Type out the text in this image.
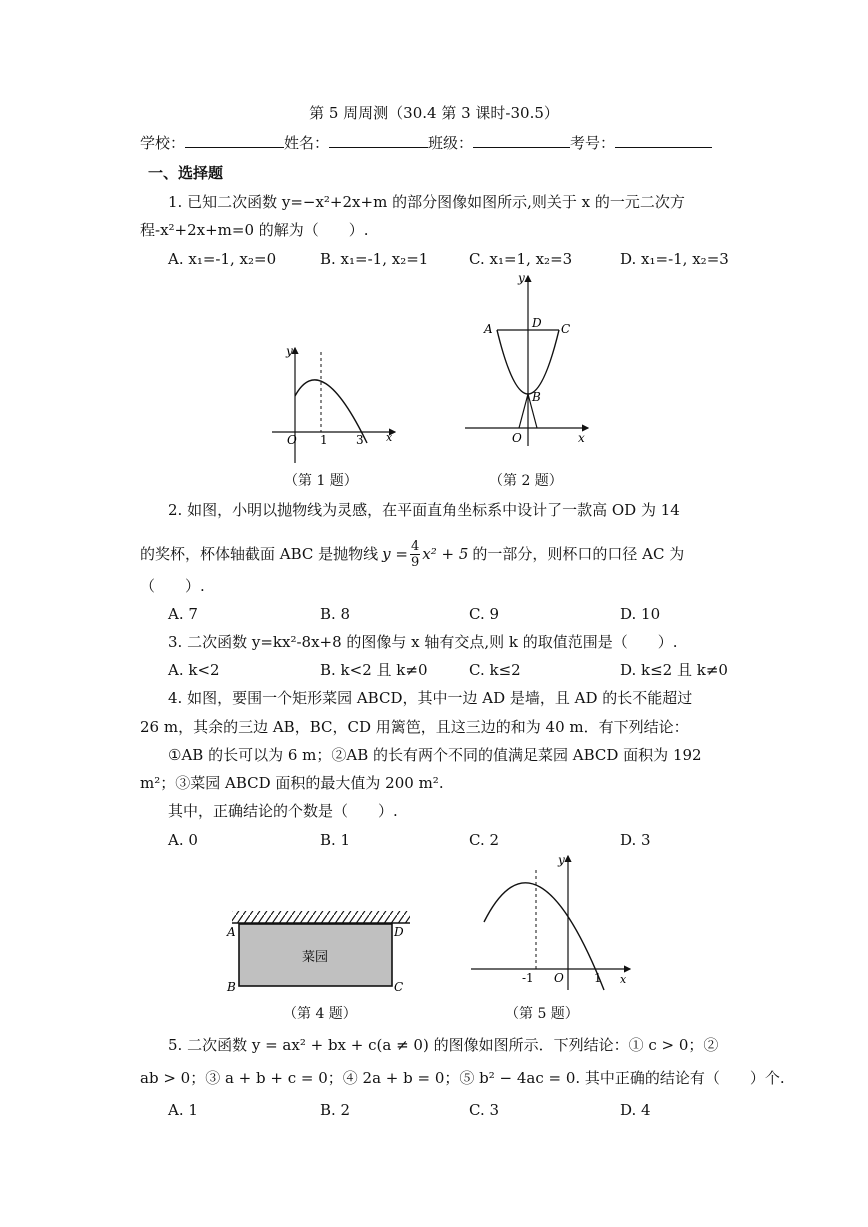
第 5 周周测（30.4 第 3 课时-30.5）
学校：	姓名：	班级：	考号：
一、选择题
1. 已知二次函数 y=−x²+2x+m 的部分图像如图所示,则关于 x 的一元二次方
程-x²+2x+m=0 的解为（　　）.
A. x₁=-1, x₂=0	B. x₁=-1, x₂=1	C. x₁=1, x₂=3	D. x₁=-1, x₂=3
y
O 1 3 x
（第 1 题）
y
A	D C
B
O	x
（第 2 题）
2. 如图，小明以抛物线为灵感，在平面直角坐标系中设计了一款高 OD 为 14
的奖杯，杯体轴截面 ABC 是抛物线 $y = \frac{4}{9} x^2 + 5$ 的一部分，则杯口的口径 AC 为
（　　）.
A. 7	B. 8	C. 9	D. 10
3. 二次函数 y=kx²-8x+8 的图像与 x 轴有交点,则 k 的取值范围是（　　）.
A. k<2	B. k<2 且 k≠0	C. k≤2	D. k≤2 且 k≠0
4. 如图，要围一个矩形菜园 ABCD，其中一边 AD 是墙，且 AD 的长不能超过
26 m，其余的三边 AB，BC，CD 用篱笆，且这三边的和为 40 m．有下列结论：
①AB 的长可以为 6 m；②AB 的长有两个不同的值满足菜园 ABCD 面积为 192
m²；③菜园 ABCD 面积的最大值为 200 m².
其中，正确结论的个数是（　　）.
A. 0	B. 1	C. 2	D. 3
菜园
A	D
B	C
（第 4 题）
y
-1 O	1 x
（第 5 题）
5. 二次函数 y = ax² + bx + c(a ≠ 0) 的图像如图所示．下列结论：① c > 0；②
ab > 0；③ a + b + c = 0；④ 2a + b = 0；⑤ b² − 4ac = 0. 其中正确的结论有（　　）个.
A. 1	B. 2	C. 3	D. 4
